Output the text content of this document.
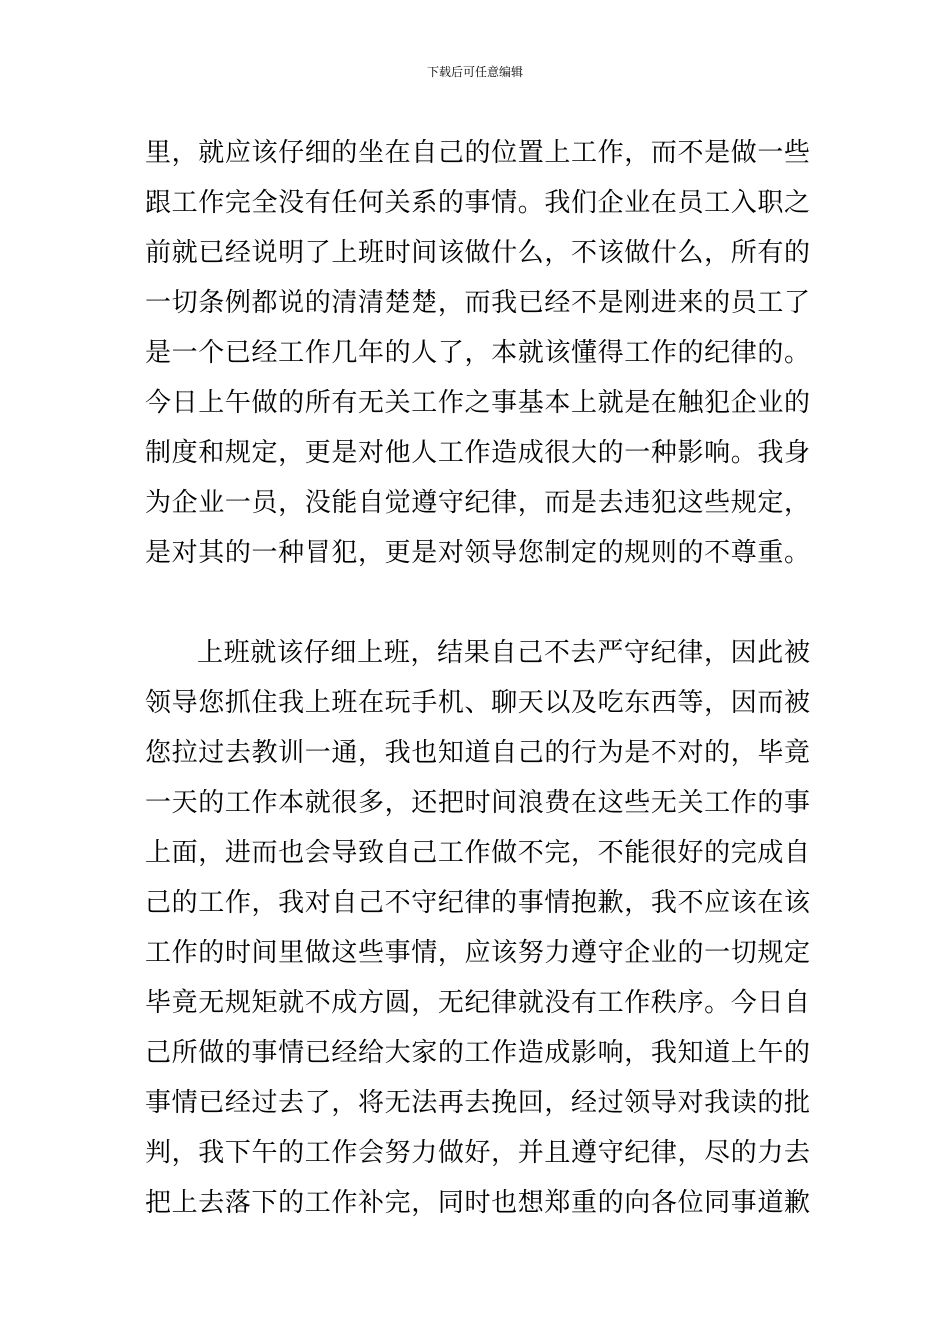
下载后可任意编辑
里，就应该仔细的坐在自己的位置上工作，而不是做一些
跟工作完全没有任何关系的事情。我们企业在员工入职之
前就已经说明了上班时间该做什么，不该做什么，所有的
一切条例都说的清清楚楚，而我已经不是刚进来的员工了
是一个已经工作几年的人了，本就该懂得工作的纪律的。
今日上午做的所有无关工作之事基本上就是在触犯企业的
制度和规定，更是对他人工作造成很大的一种影响。我身
为企业一员，没能自觉遵守纪律，而是去违犯这些规定，
是对其的一种冒犯，更是对领导您制定的规则的不尊重。
上班就该仔细上班，结果自己不去严守纪律，因此被
领导您抓住我上班在玩手机、聊天以及吃东西等，因而被
您拉过去教训一通，我也知道自己的行为是不对的，毕竟
一天的工作本就很多，还把时间浪费在这些无关工作的事
上面，进而也会导致自己工作做不完，不能很好的完成自
己的工作，我对自己不守纪律的事情抱歉，我不应该在该
工作的时间里做这些事情，应该努力遵守企业的一切规定
毕竟无规矩就不成方圆，无纪律就没有工作秩序。今日自
己所做的事情已经给大家的工作造成影响，我知道上午的
事情已经过去了，将无法再去挽回，经过领导对我读的批
判，我下午的工作会努力做好，并且遵守纪律，尽的力去
把上去落下的工作补完，同时也想郑重的向各位同事道歉
